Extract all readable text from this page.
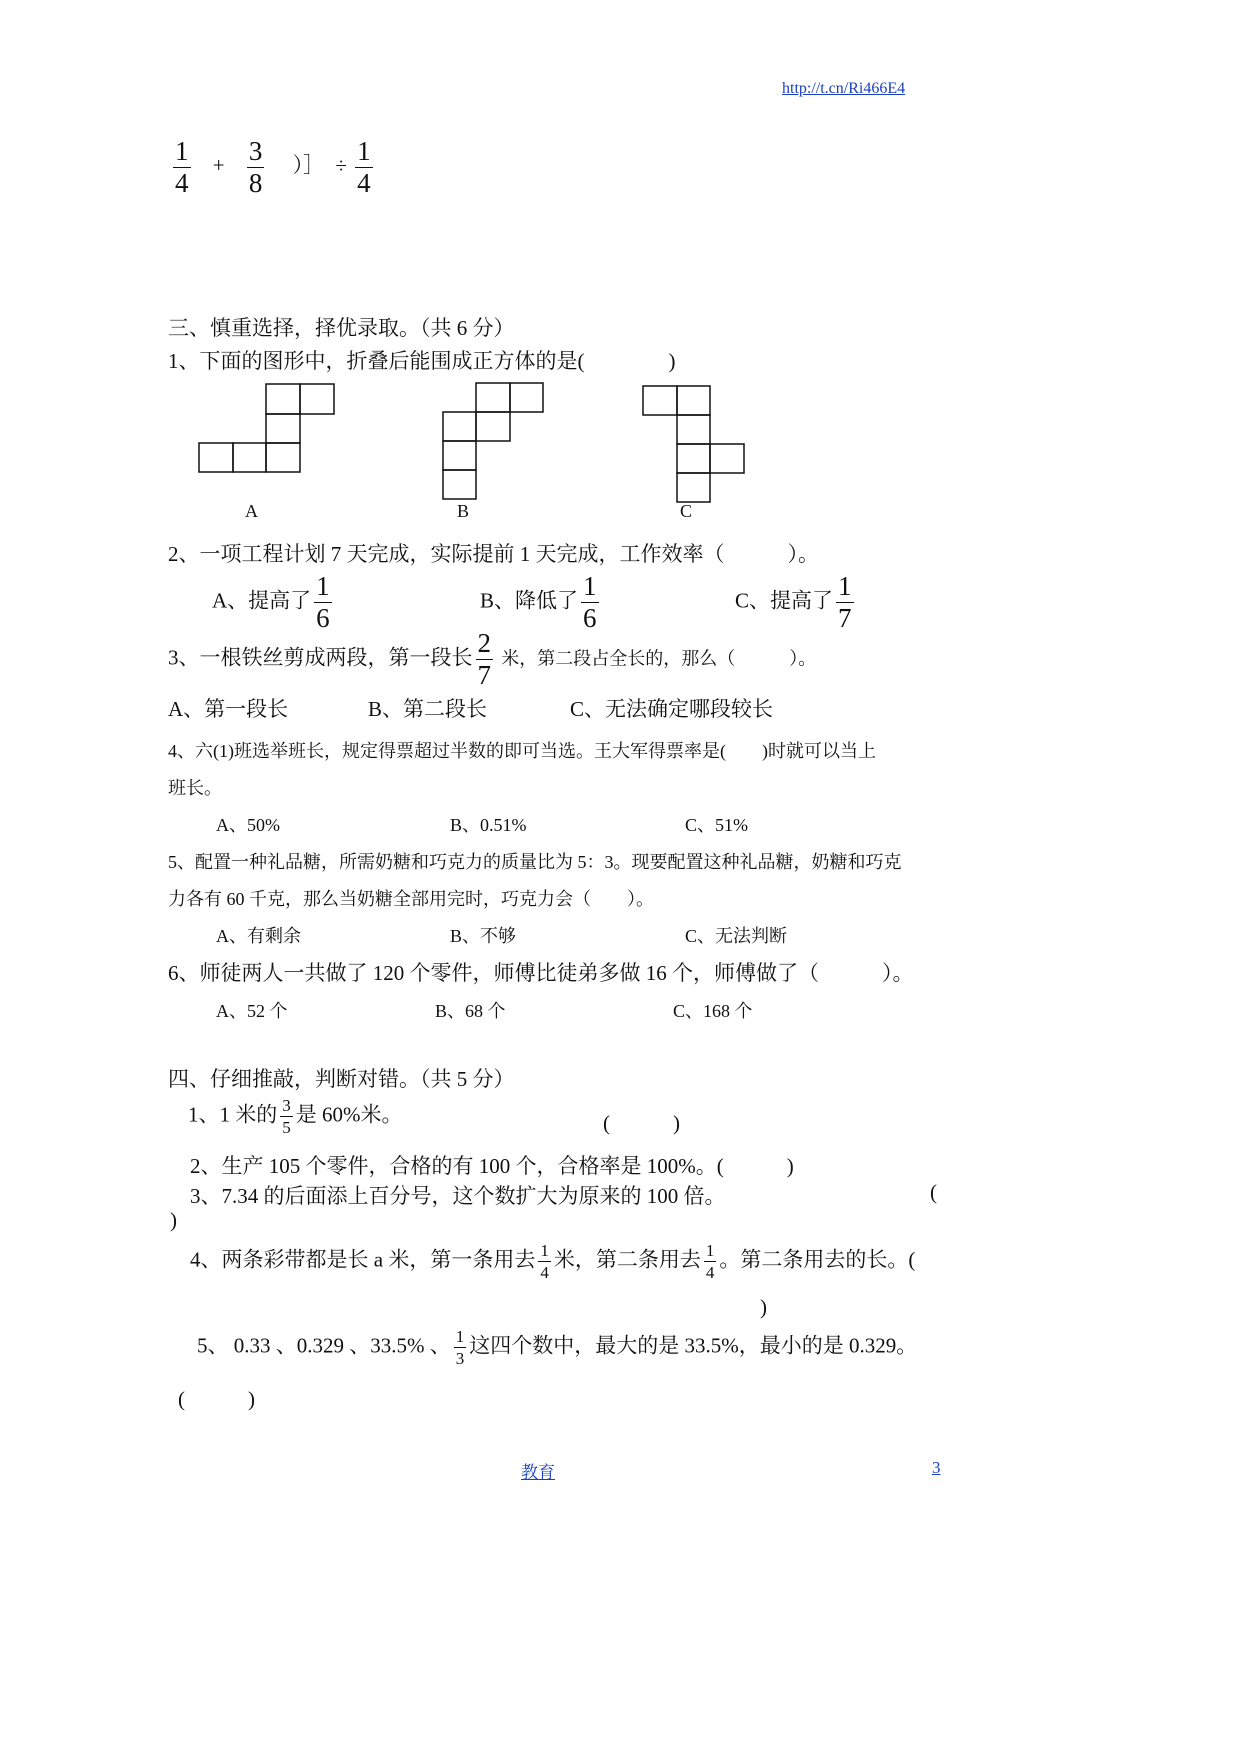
http://t.cn/Ri466E4
$\frac{1}{4} + \frac{3}{8}$ ）］ ÷ $\frac{1}{4}$
三、慎重选择，择优录取。（共 6 分）
1、下面的图形中，折叠后能围成正方体的是(　　　　)
A	B	C
2、一项工程计划 7 天完成，实际提前 1 天完成，工作效率（　　　）。
A、提高了 $\frac{1}{6}$	B、降低了 $\frac{1}{6}$	C、提高了 $\frac{1}{7}$
3、一根铁丝剪成两段，第一段长 $\frac{2}{7}$ 米，第二段占全长的，那么（　　　）。
A、第一段长	B、第二段长	C、无法确定哪段较长
4、六(1)班选举班长，规定得票超过半数的即可当选。王大军得票率是(　　)时就可以当上
班长。
A、50%	B、0.51%	C、51%
5、配置一种礼品糖，所需奶糖和巧克力的质量比为 5：3。现要配置这种礼品糖，奶糖和巧克
力各有 60 千克，那么当奶糖全部用完时，巧克力会（　　）。
A、有剩余	B、不够	C、无法判断
6、师徒两人一共做了 120 个零件，师傅比徒弟多做 16 个，师傅做了（　　　）。
A、52 个	B、68 个	C、168 个
四、仔细推敲，判断对错。（共 5 分）
1、1 米的 $\frac{3}{5}$ 是 60%米。	(　　　)
2、生产 105 个零件，合格的有 100 个，合格率是 100%。(　　　)
3、7.34 的后面添上百分号，这个数扩大为原来的 100 倍。	(
)
4、两条彩带都是长 a 米，第一条用去 $\frac{1}{4}$ 米，第二条用去 $\frac{1}{4}$ 。第二条用去的长。(
)
5、 0.33 、0.329 、33.5% 、 $\frac{1}{3}$ 这四个数中，最大的是 33.5%，最小的是 0.329。
(　　　)
教育	3
